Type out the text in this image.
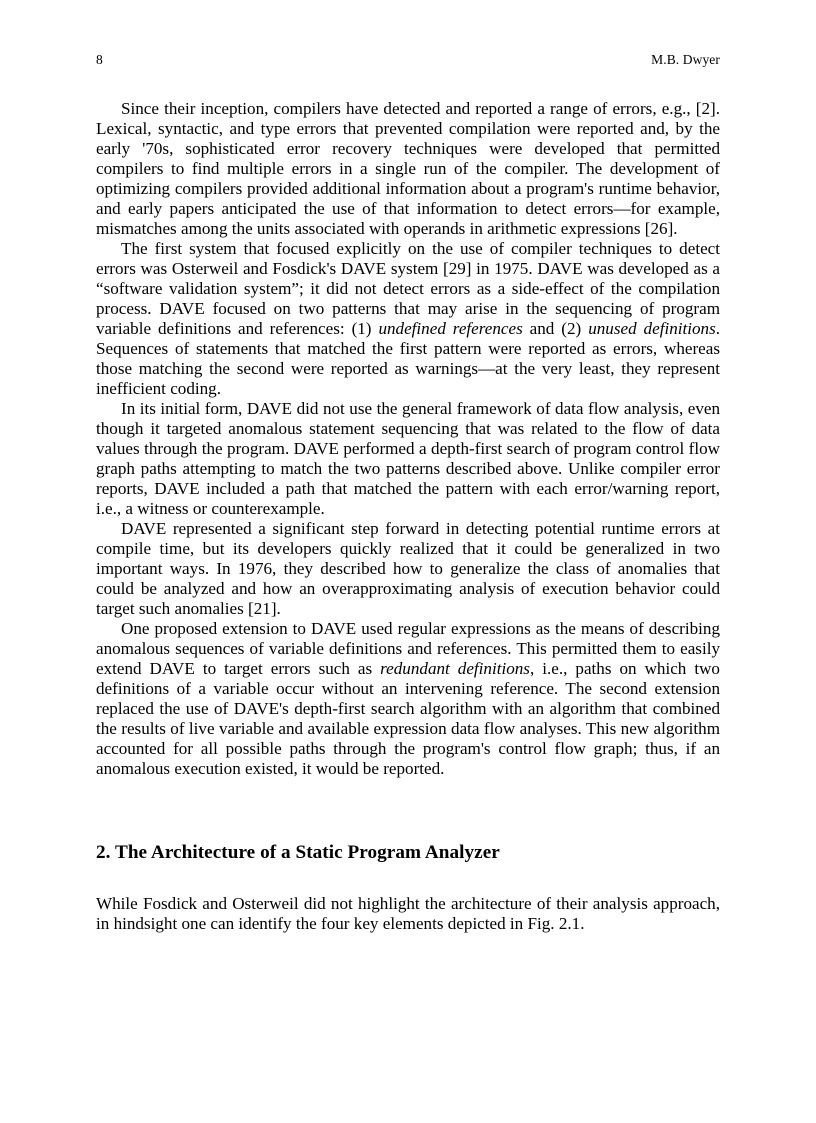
8	M.B. Dwyer

Since their inception, compilers have detected and reported a range of errors, e.g., [2]. Lexical, syntactic, and type errors that prevented compilation were reported and, by the early '70s, sophisticated error recovery techniques were developed that permitted compilers to find multiple errors in a single run of the compiler. The development of optimizing compilers provided additional information about a program's runtime behavior, and early papers anticipated the use of that information to detect errors—for example, mismatches among the units associated with operands in arithmetic expressions [26].

The first system that focused explicitly on the use of compiler techniques to detect errors was Osterweil and Fosdick's DAVE system [29] in 1975. DAVE was developed as a “software validation system”; it did not detect errors as a side-effect of the compilation process. DAVE focused on two patterns that may arise in the sequencing of program variable definitions and references: (1) undefined references and (2) unused definitions. Sequences of statements that matched the first pattern were reported as errors, whereas those matching the second were reported as warnings—at the very least, they represent inefficient coding.

In its initial form, DAVE did not use the general framework of data flow analysis, even though it targeted anomalous statement sequencing that was related to the flow of data values through the program. DAVE performed a depth-first search of program control flow graph paths attempting to match the two patterns described above. Unlike compiler error reports, DAVE included a path that matched the pattern with each error/warning report, i.e., a witness or counterexample.

DAVE represented a significant step forward in detecting potential runtime errors at compile time, but its developers quickly realized that it could be generalized in two important ways. In 1976, they described how to generalize the class of anomalies that could be analyzed and how an overapproximating analysis of execution behavior could target such anomalies [21].

One proposed extension to DAVE used regular expressions as the means of describing anomalous sequences of variable definitions and references. This permitted them to easily extend DAVE to target errors such as redundant definitions, i.e., paths on which two definitions of a variable occur without an intervening reference. The second extension replaced the use of DAVE's depth-first search algorithm with an algorithm that combined the results of live variable and available expression data flow analyses. This new algorithm accounted for all possible paths through the program's control flow graph; thus, if an anomalous execution existed, it would be reported.

2. The Architecture of a Static Program Analyzer

While Fosdick and Osterweil did not highlight the architecture of their analysis approach, in hindsight one can identify the four key elements depicted in Fig. 2.1.
